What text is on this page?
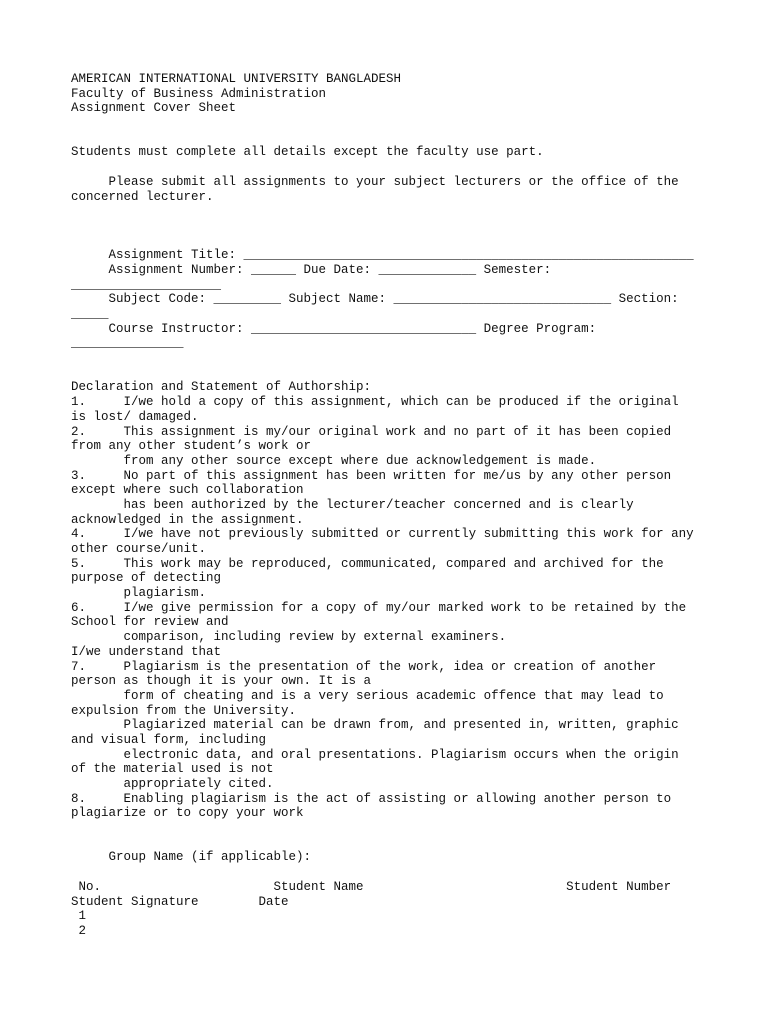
AMERICAN INTERNATIONAL UNIVERSITY BANGLADESH
Faculty of Business Administration
Assignment Cover Sheet
Students must complete all details except the faculty use part.
Please submit all assignments to your subject lecturers or the office of the
concerned lecturer.
Assignment Title: ____________________________________________________________
Assignment Number: ______ Due Date: _____________ Semester:
____________________
Subject Code: _________ Subject Name: _____________________________ Section:
_____
Course Instructor: ______________________________ Degree Program:
_______________
Declaration and Statement of Authorship:
1.     I/we hold a copy of this assignment, which can be produced if the original
is lost/ damaged.
2.     This assignment is my/our original work and no part of it has been copied
from any other student’s work or
from any other source except where due acknowledgement is made.
3.     No part of this assignment has been written for me/us by any other person
except where such collaboration
has been authorized by the lecturer/teacher concerned and is clearly
acknowledged in the assignment.
4.     I/we have not previously submitted or currently submitting this work for any
other course/unit.
5.     This work may be reproduced, communicated, compared and archived for the
purpose of detecting
plagiarism.
6.     I/we give permission for a copy of my/our marked work to be retained by the
School for review and
comparison, including review by external examiners.
I/we understand that
7.     Plagiarism is the presentation of the work, idea or creation of another
person as though it is your own. It is a
form of cheating and is a very serious academic offence that may lead to
expulsion from the University.
Plagiarized material can be drawn from, and presented in, written, graphic
and visual form, including
electronic data, and oral presentations. Plagiarism occurs when the origin
of the material used is not
appropriately cited.
8.     Enabling plagiarism is the act of assisting or allowing another person to
plagiarize or to copy your work
Group Name (if applicable):
No.                       Student Name                           Student Number
Student Signature        Date
1
2
